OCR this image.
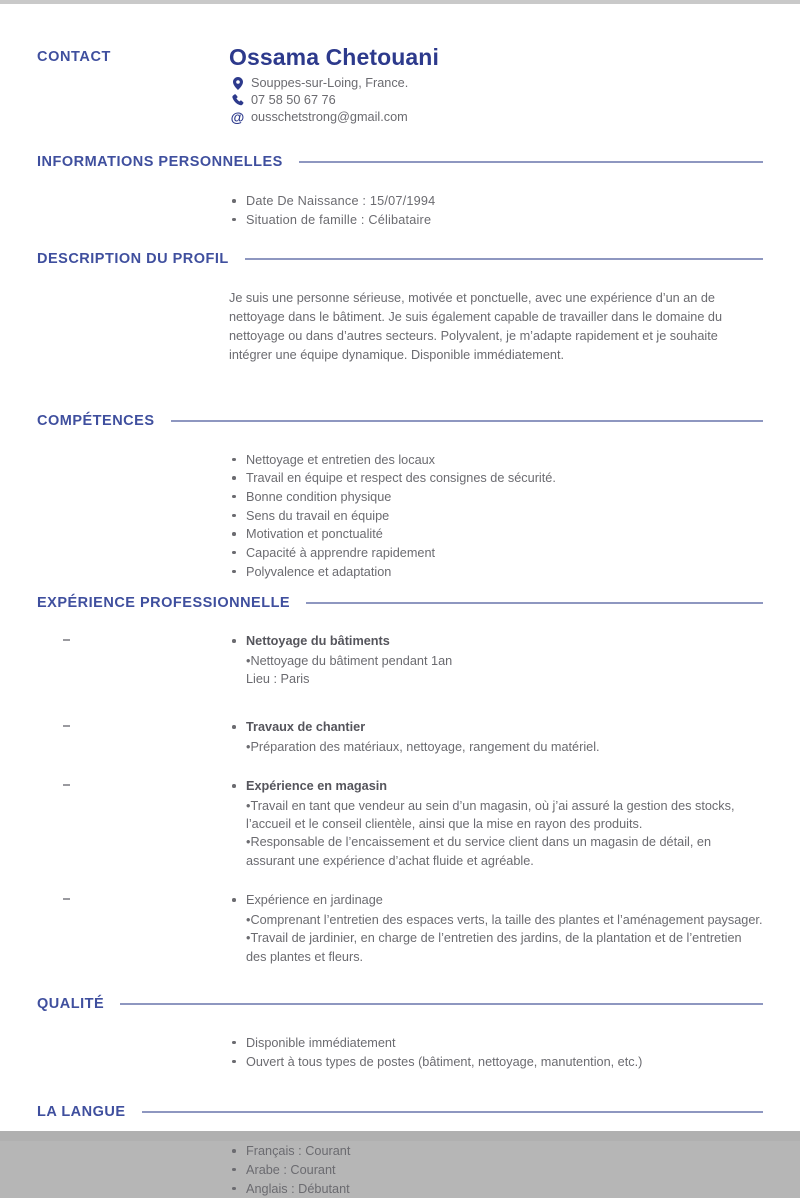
CONTACT	Ossama Chetouani
Souppes-sur-Loing, France.
07 58 50 67 76
@ ousschetstrong@gmail.com
INFORMATIONS PERSONNELLES
Date De Naissance : 15/07/1994
Situation de famille : Célibataire
DESCRIPTION DU PROFIL

Je suis une personne sérieuse, motivée et ponctuelle, avec une expérience d’un an de nettoyage dans le bâtiment. Je suis également capable de travailler dans le domaine du nettoyage ou dans d’autres secteurs. Polyvalent, je m’adapte rapidement et je souhaite intégrer une équipe dynamique. Disponible immédiatement.

COMPÉTENCES
Nettoyage et entretien des locaux
Travail en équipe et respect des consignes de sécurité.
Bonne condition physique
Sens du travail en équipe
Motivation et ponctualité
Capacité à apprendre rapidement
Polyvalence et adaptation
EXPÉRIENCE PROFESSIONNELLE
Nettoyage du bâtiments
•Nettoyage du bâtiment pendant 1an
Lieu : Paris
Travaux de chantier
•Préparation des matériaux, nettoyage, rangement du matériel.
Expérience en magasin
•Travail en tant que vendeur au sein d’un magasin, où j’ai assuré la gestion des stocks, l’accueil et le conseil clientèle, ainsi que la mise en rayon des produits.
•Responsable de l’encaissement et du service client dans un magasin de détail, en assurant une expérience d’achat fluide et agréable.
Expérience en jardinage
•Comprenant l’entretien des espaces verts, la taille des plantes et l’aménagement paysager.
•Travail de jardinier, en charge de l’entretien des jardins, de la plantation et de l’entretien des plantes et fleurs.
QUALITÉ
Disponible immédiatement
Ouvert à tous types de postes (bâtiment, nettoyage, manutention, etc.)
LA LANGUE
Français : Courant
Arabe : Courant
Anglais : Débutant
